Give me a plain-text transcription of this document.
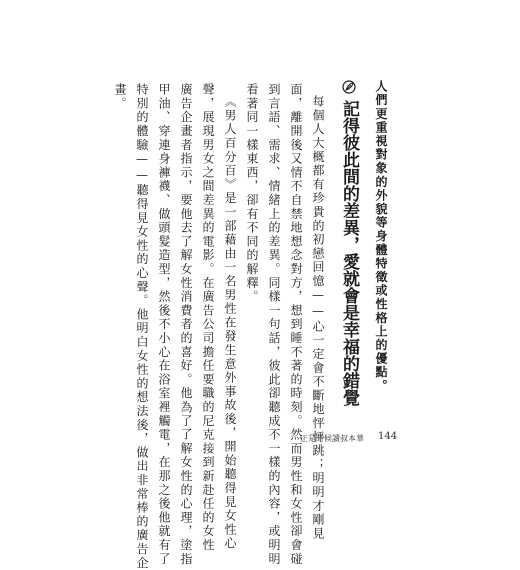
人們更重視對象的外貌等身體特徵或性格上的優點。
記得彼此間的差異，愛就會是幸福的錯覺
每個人大概都有珍貴的初戀回憶——心一定會不斷地怦怦跳；明明才剛見
面，離開後又情不自禁地想念對方，想到睡不著的時刻。然而男性和女性卻會碰
到言語、需求、情緒上的差異。同樣一句話，彼此卻聽成不一樣的內容，或明明
看著同一樣東西，卻有不同的解釋。
《男人百分百》是一部藉由一名男性在發生意外事故後，開始聽得見女性心
聲，展現男女之間差異的電影。在廣告公司擔任要職的尼克接到新赴任的女性
廣告企畫者指示，要他去了解女性消費者的喜好。他為了了解女性的心理，塗指
甲油、穿連身褲襪、做頭髮造型，然後不小心在浴室裡觸電，在那之後他就有了
特別的體驗——聽得見女性的心聲。他明白女性的想法後，做出非常棒的廣告企
畫。
正是時候讀叔本華 144
